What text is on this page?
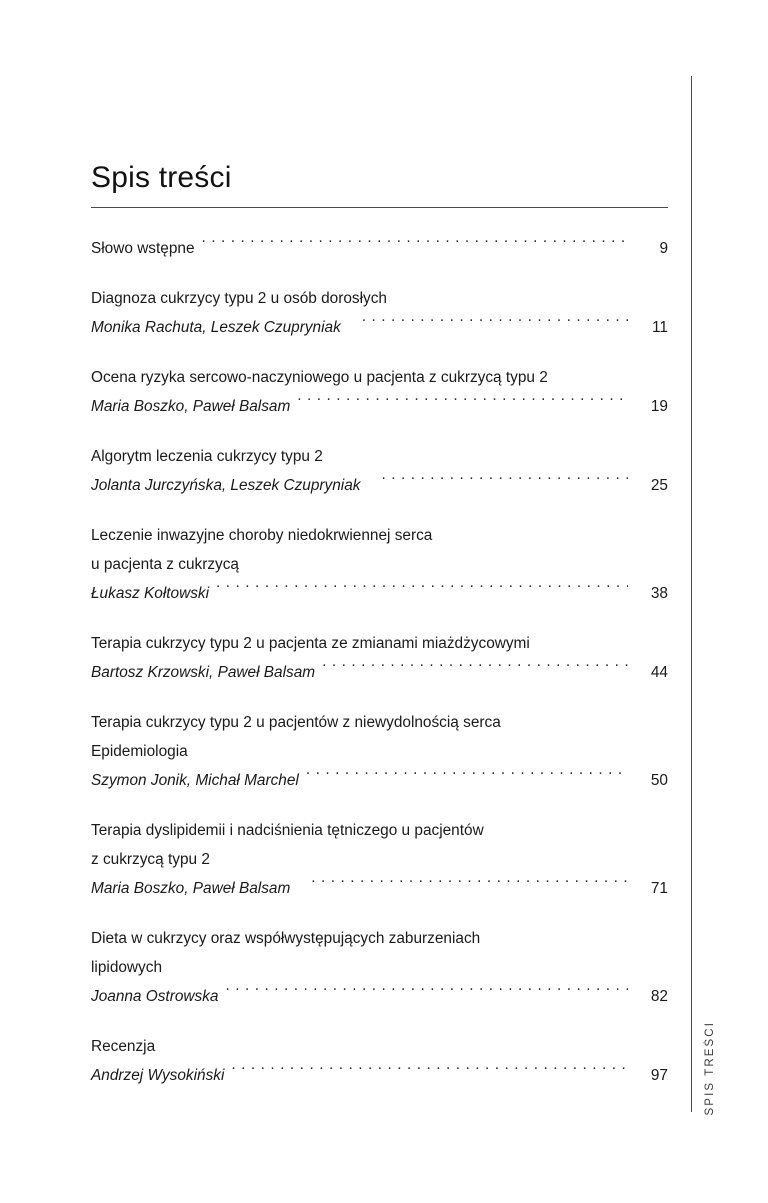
SPIS TREŚCI
Spis treści
Słowo wstępne . . .	9
Diagnoza cukrzycy typu 2 u osób dorosłych
Monika Rachuta, Leszek Czupryniak . . .	11
Ocena ryzyka sercowo-naczyniowego u pacjenta z cukrzycą typu 2
Maria Boszko, Paweł Balsam . . .	19
Algorytm leczenia cukrzycy typu 2
Jolanta Jurczyńska, Leszek Czupryniak . . .	25
Leczenie inwazyjne choroby niedokrwiennej serca
u pacjenta z cukrzycą
Łukasz Kołtowski . . .	38
Terapia cukrzycy typu 2 u pacjenta ze zmianami miażdżycowymi
Bartosz Krzowski, Paweł Balsam . . .	44
Terapia cukrzycy typu 2 u pacjentów z niewydolnością serca
Epidemiologia
Szymon Jonik, Michał Marchel . . .	50
Terapia dyslipidemii i nadciśnienia tętniczego u pacjentów
z cukrzycą typu 2
Maria Boszko, Paweł Balsam . . .	71
Dieta w cukrzycy oraz współwystępujących zaburzeniach
lipidowych
Joanna Ostrowska . . .	82
Recenzja
Andrzej Wysokiński . . .	97
